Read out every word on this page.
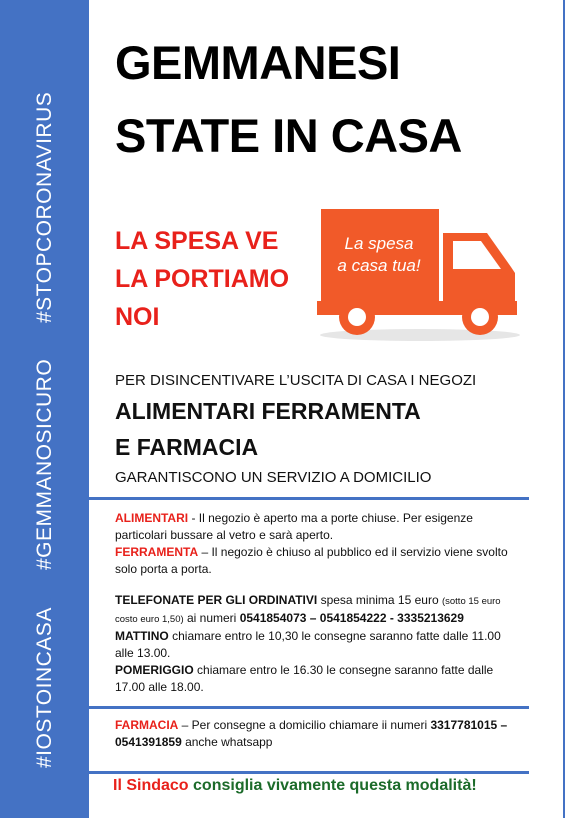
#STOPCORONAVIRUS
#GEMMANOSICURO
#IOSTOINCASA
GEMMANESI
STATE IN CASA
LA SPESA VE
LA PORTIAMO
NOI
La spesa
a casa tua!
PER DISINCENTIVARE L’USCITA DI CASA I NEGOZI
ALIMENTARI FERRAMENTA
E FARMACIA
GARANTISCONO UN SERVIZIO A DOMICILIO
ALIMENTARI - Il negozio è aperto ma a porte chiuse. Per esigenze particolari bussare al vetro e sarà aperto.
FERRAMENTA – Il negozio è chiuso al pubblico ed il servizio viene svolto solo porta a porta.
TELEFONATE PER GLI ORDINATIVI spesa minima 15 euro (sotto 15 euro costo euro 1,50) ai numeri 0541854073 – 0541854222 - 3335213629
MATTINO chiamare entro le 10,30 le consegne saranno fatte dalle 11.00 alle 13.00.
POMERIGGIO chiamare entro le 16.30 le consegne saranno fatte dalle 17.00 alle 18.00.
FARMACIA – Per consegne a domicilio chiamare ii numeri 3317781015 – 0541391859 anche whatsapp
Il Sindaco consiglia vivamente questa modalità!
